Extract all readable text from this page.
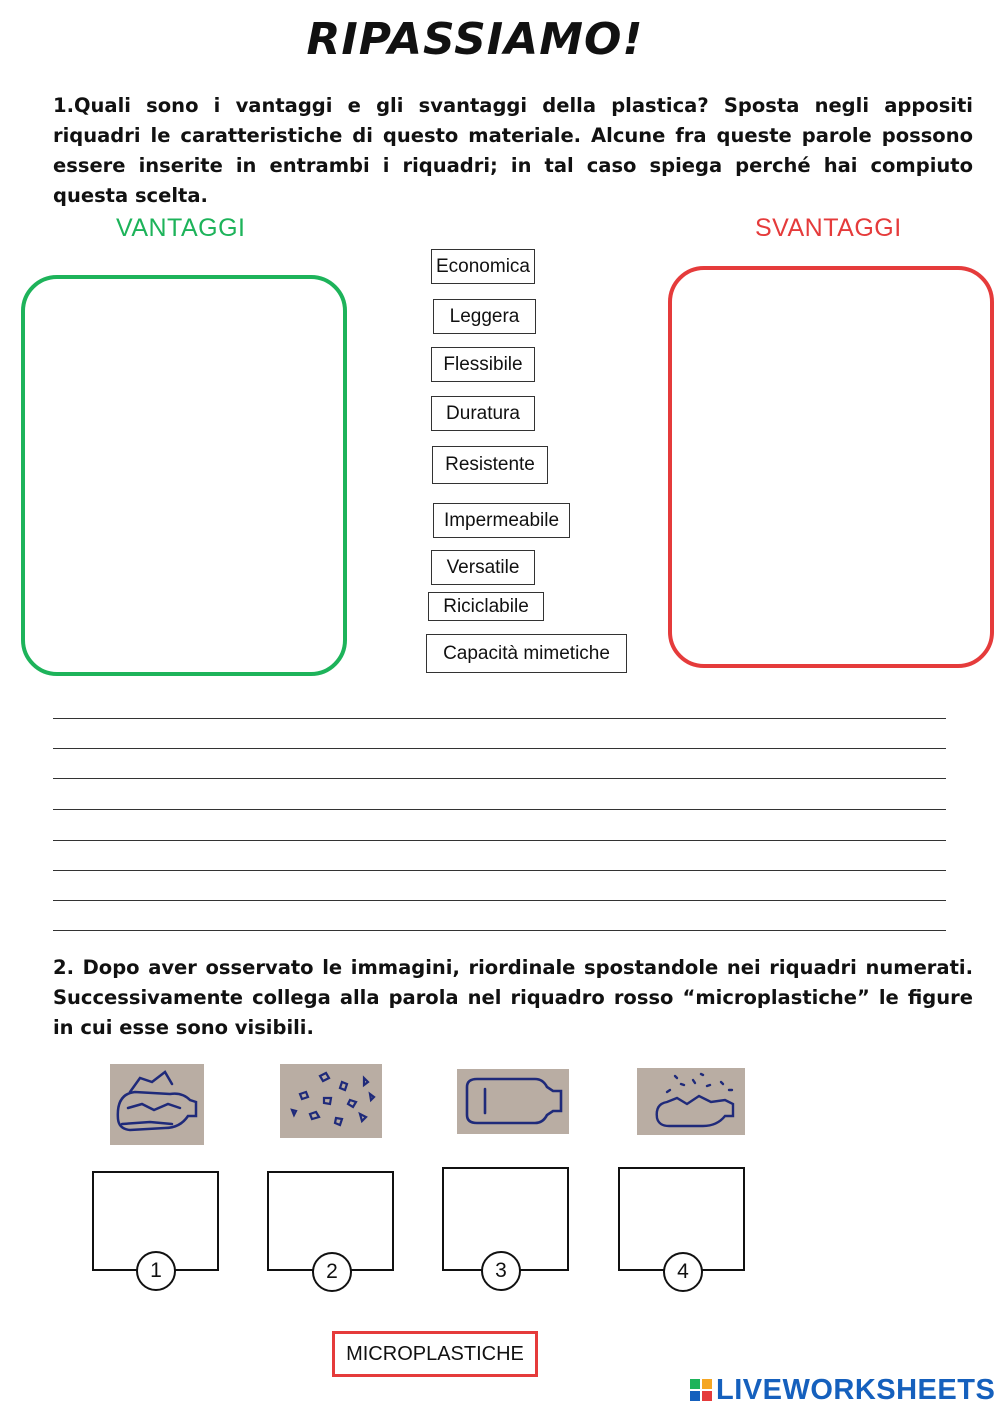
RIPASSIAMO!
1.Quali sono i vantaggi e gli svantaggi della plastica? Sposta negli appositi riquadri le caratteristiche di questo materiale. Alcune fra queste parole possono essere inserite in entrambi i riquadri; in tal caso spiega perché hai compiuto questa scelta.
VANTAGGI	SVANTAGGI
Economica
Leggera
Flessibile
Duratura
Resistente
Impermeabile
Versatile
Riciclabile
Capacità mimetiche
2. Dopo aver osservato le immagini, riordinale spostandole nei riquadri numerati. Successivamente collega alla parola nel riquadro rosso “microplastiche” le figure in cui esse sono visibili.
1	2	3	4
MICROPLASTICHE
LIVEWORKSHEETS
